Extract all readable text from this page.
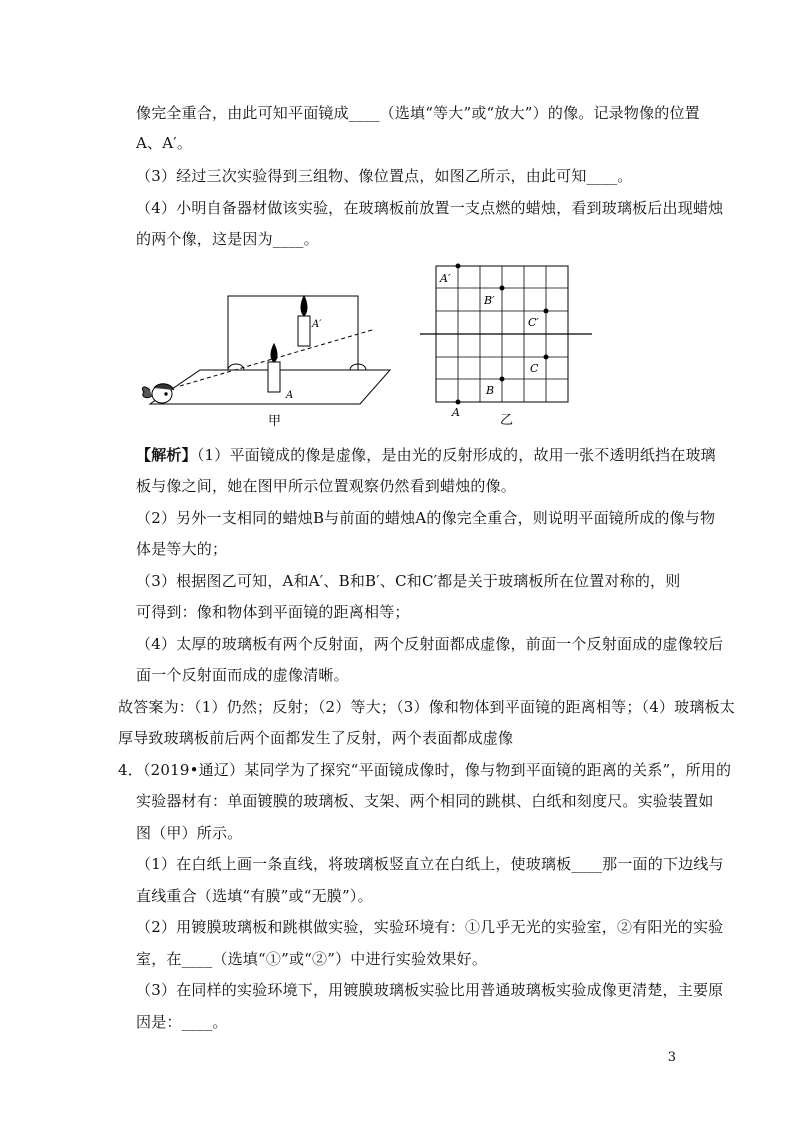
像完全重合，由此可知平面镜成____（选填“等大”或“放大”）的像。记录物像的位置
A、A′。
（3）经过三次实验得到三组物、像位置点，如图乙所示，由此可知____。
（4）小明自备器材做该实验，在玻璃板前放置一支点燃的蜡烛，看到玻璃板后出现蜡烛
的两个像，这是因为____。
A′
A
甲
A′
B′
C′
C
B
A
乙
【解析】（1）平面镜成的像是虚像，是由光的反射形成的，故用一张不透明纸挡在玻璃
板与像之间，她在图甲所示位置观察仍然看到蜡烛的像。
（2）另外一支相同的蜡烛B与前面的蜡烛A的像完全重合，则说明平面镜所成的像与物
体是等大的；
（3）根据图乙可知，A和A′、B和B′、C和C′都是关于玻璃板所在位置对称的，则
可得到：像和物体到平面镜的距离相等；
（4）太厚的玻璃板有两个反射面，两个反射面都成虚像，前面一个反射面成的虚像较后
面一个反射面而成的虚像清晰。
故答案为：（1）仍然；反射；（2）等大；（3）像和物体到平面镜的距离相等；（4）玻璃板太
厚导致玻璃板前后两个面都发生了反射，两个表面都成虚像
4．（2019•通辽）某同学为了探究“平面镜成像时，像与物到平面镜的距离的关系”，所用的
实验器材有：单面镀膜的玻璃板、支架、两个相同的跳棋、白纸和刻度尺。实验装置如
图（甲）所示。
（1）在白纸上画一条直线，将玻璃板竖直立在白纸上，使玻璃板____那一面的下边线与
直线重合（选填“有膜”或“无膜”）。
（2）用镀膜玻璃板和跳棋做实验，实验环境有：①几乎无光的实验室，②有阳光的实验
室，在____（选填“①”或“②”）中进行实验效果好。
（3）在同样的实验环境下，用镀膜玻璃板实验比用普通玻璃板实验成像更清楚，主要原
因是：____。
3
